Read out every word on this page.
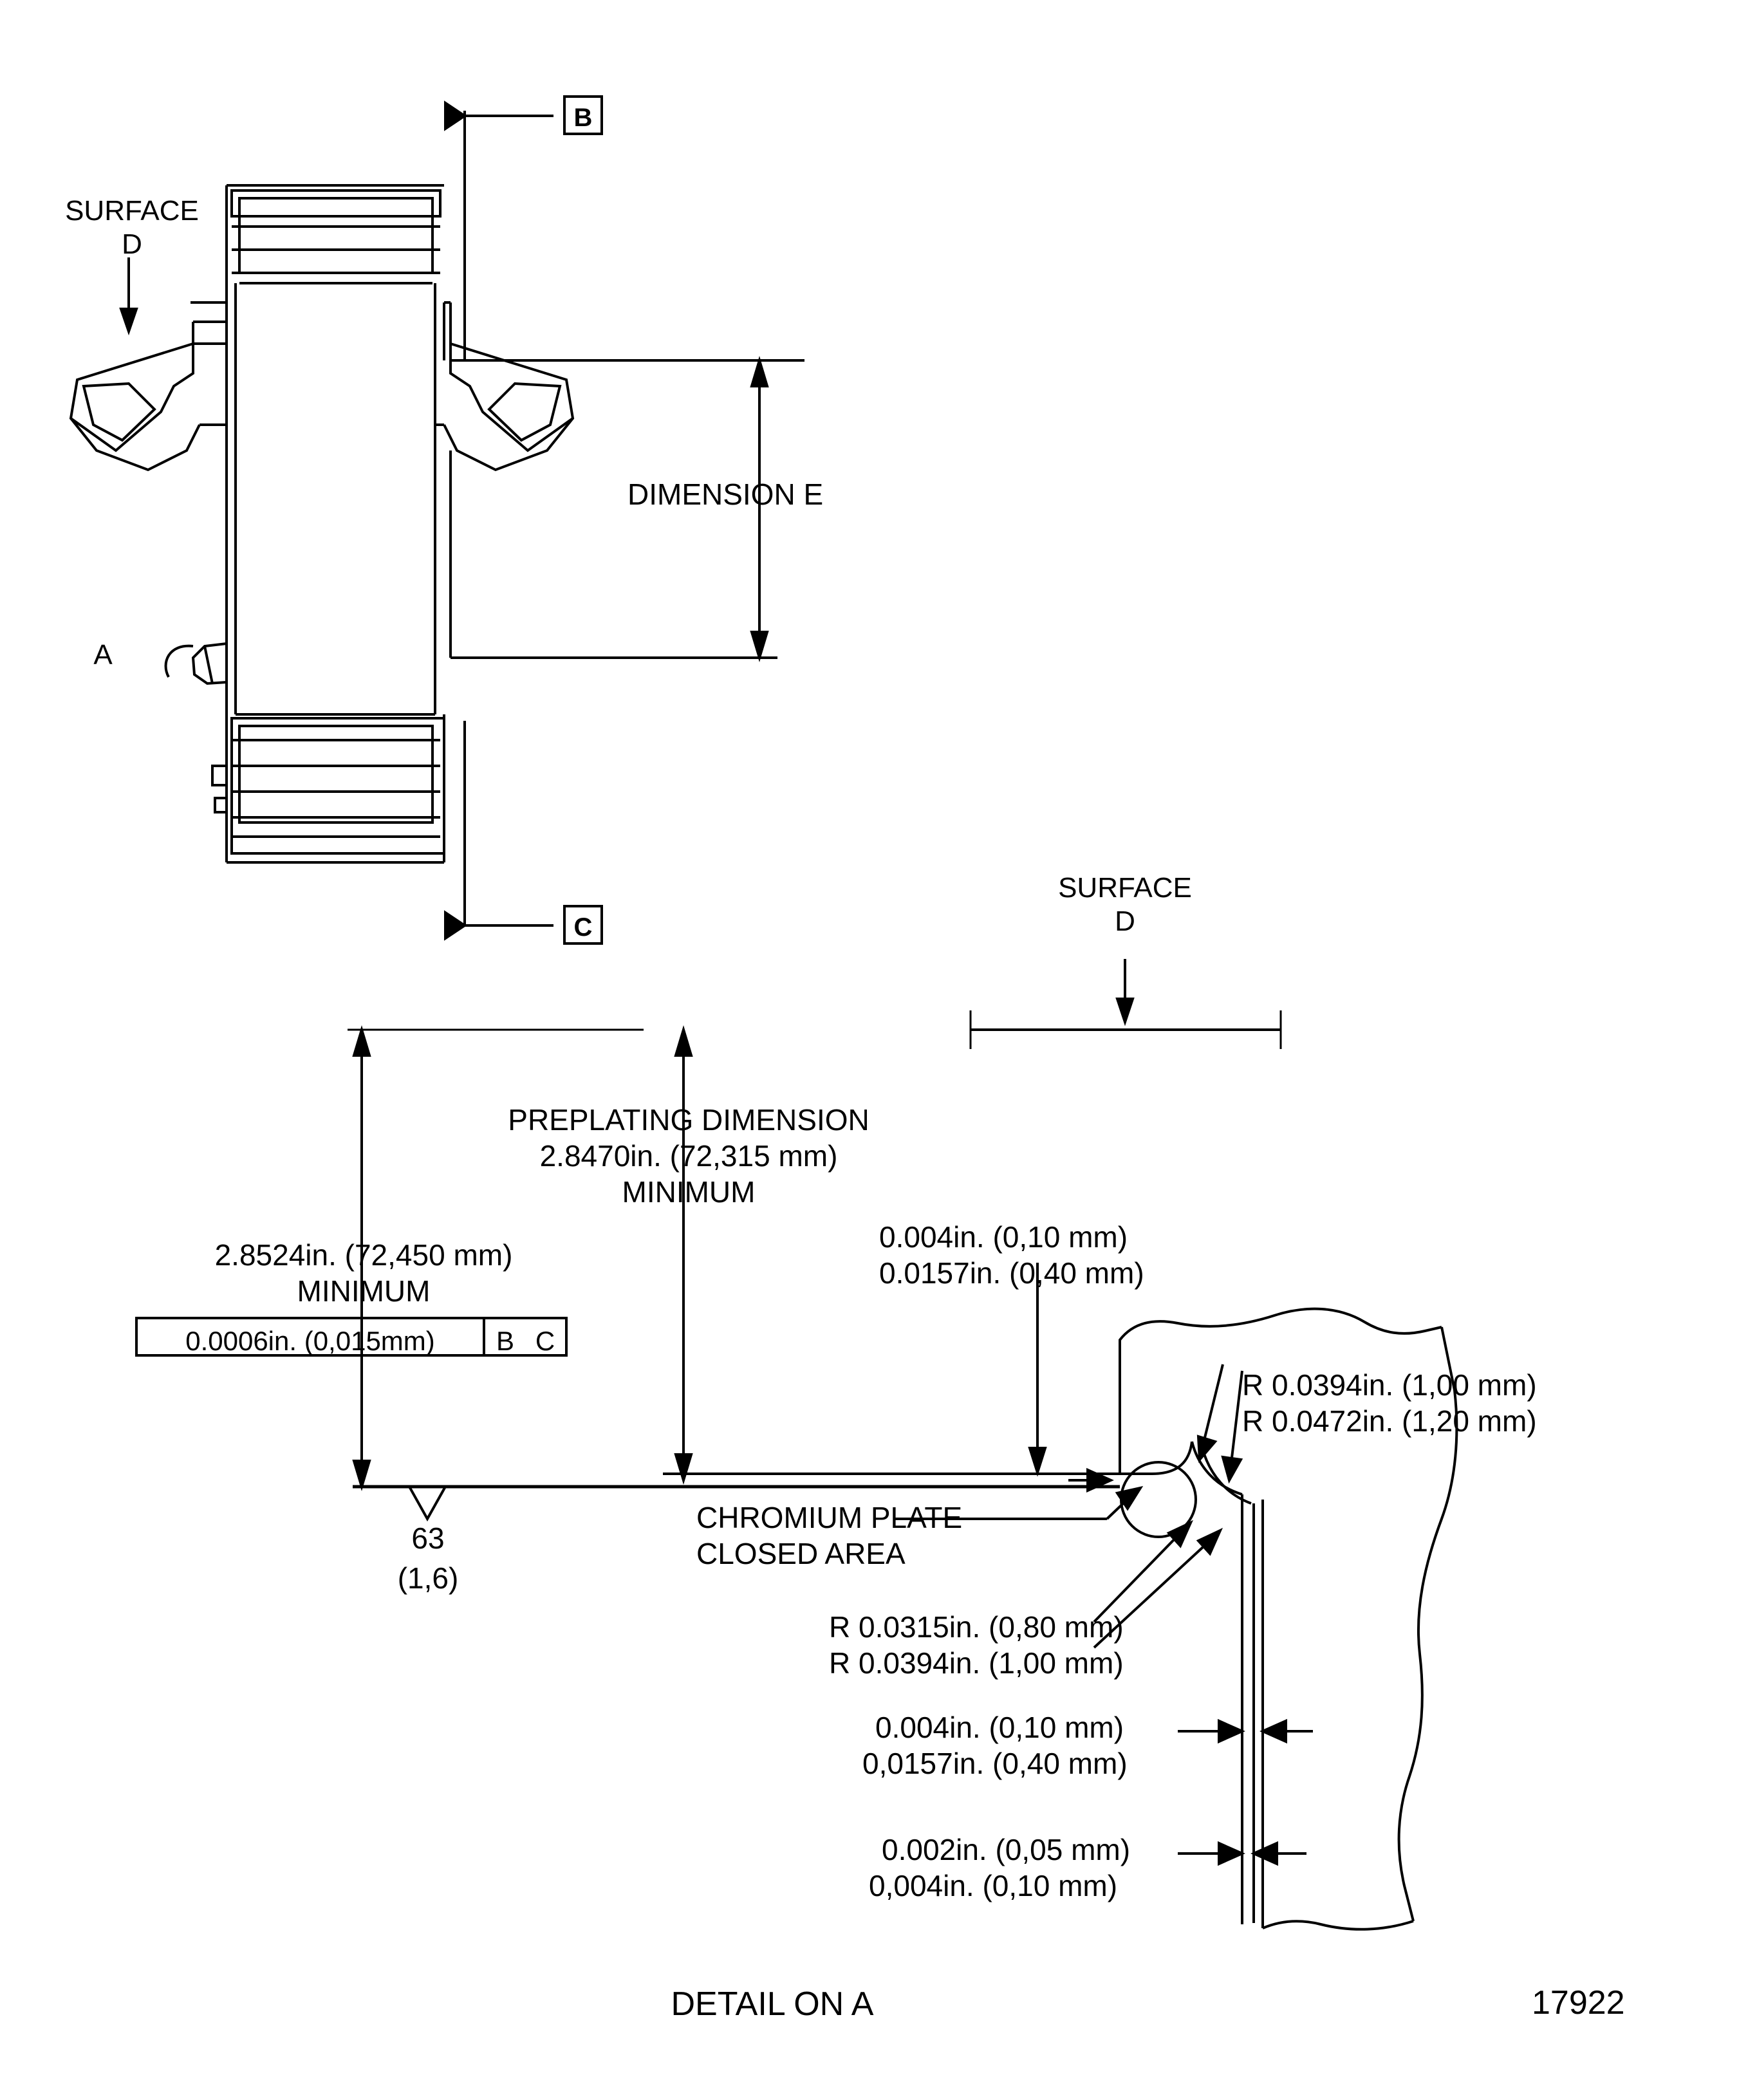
B
C
SURFACE
D
A
DIMENSION E
SURFACE
D
PREPLATING DIMENSION
2.8470in. (72,315 mm)
MINIMUM
2.8524in. (72,450 mm)
MINIMUM
0.0006in. (0,015mm)	B C
63
(1,6)
0.004in. (0,10 mm)
0.0157in. (0,40 mm)
CHROMIUM PLATE
CLOSED AREA
R 0.0394in. (1,00 mm)
R 0.0472in. (1,20 mm)
R 0.0315in. (0,80 mm)
R 0.0394in. (1,00 mm)
0.004in. (0,10 mm)
0,0157in. (0,40 mm)
0.002in. (0,05 mm)
0,004in. (0,10 mm)
DETAIL ON A	17922
